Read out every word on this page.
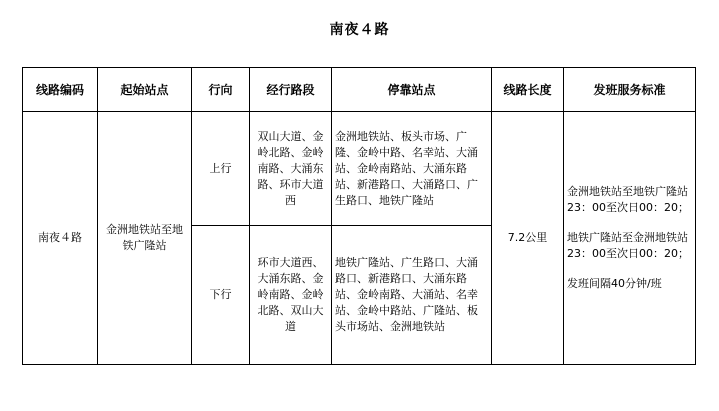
南夜４路
线路编码	起始站点	行向	经行路段	停靠站点	线路长度	发班服务标准
南夜４路	金洲地铁站至地铁广隆站	上行	双山大道、金岭北路、金岭南路、大涌东路、环市大道西	金洲地铁站、板头市场、广隆、金岭中路、名幸站、大涌站、金岭南路站、大涌东路站、新港路口、大涌路口、广生路口、地铁广隆站	7.2公里	金洲地铁站至地铁广隆站23：00至次日00：20；
地铁广隆站至金洲地铁站23：00至次日00：20；
发班间隔40分钟/班

		下行	环市大道西、大涌东路、金岭南路、金岭北路、双山大道	地铁广隆站、广生路口、大涌路口、新港路口、大涌东路站、金岭南路、大涌站、名幸站、金岭中路站、广隆站、板头市场站、金洲地铁站		
